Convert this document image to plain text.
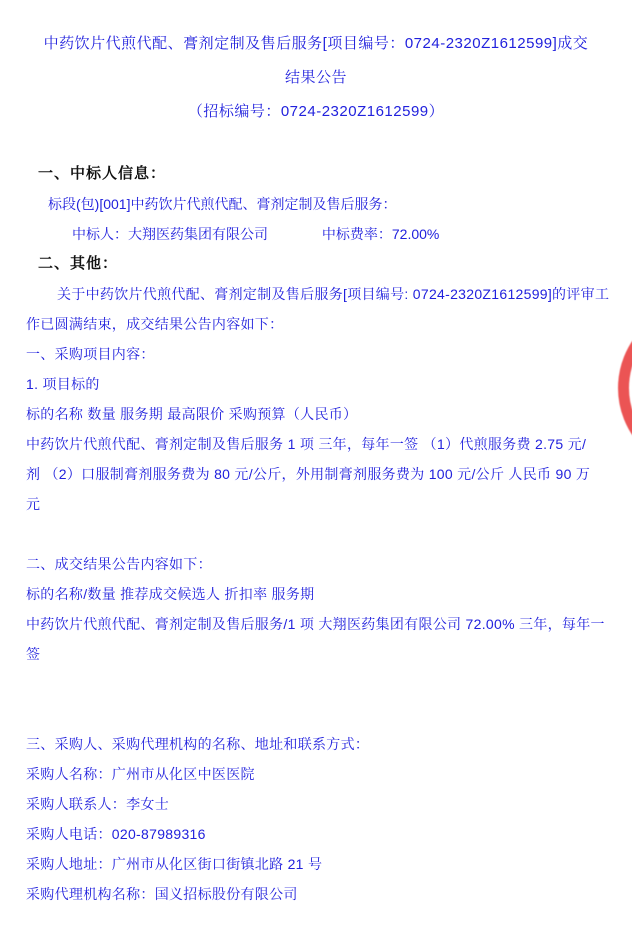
中药饮片代煎代配、膏剂定制及售后服务[项目编号：0724-2320Z1612599]成交
结果公告
（招标编号：0724-2320Z1612599）
一、中标人信息：
标段(包)[001]中药饮片代煎代配、膏剂定制及售后服务：
中标人：大翔医药集团有限公司	中标费率：72.00%
二、其他：
关于中药饮片代煎代配、膏剂定制及售后服务[项目编号: 0724-2320Z1612599]的评审工
作已圆满结束，成交结果公告内容如下：
一、采购项目内容：
1. 项目标的
标的名称 数量 服务期 最高限价 采购预算（人民币）
中药饮片代煎代配、膏剂定制及售后服务 1 项 三年，每年一签 （1）代煎服务费 2.75 元/
剂 （2）口服制膏剂服务费为 80 元/公斤，外用制膏剂服务费为 100 元/公斤 人民币 90 万
元
二、成交结果公告内容如下：
标的名称/数量 推荐成交候选人 折扣率 服务期
中药饮片代煎代配、膏剂定制及售后服务/1 项 大翔医药集团有限公司 72.00% 三年，每年一
签
三、采购人、采购代理机构的名称、地址和联系方式：
采购人名称：广州市从化区中医医院
采购人联系人：李女士
采购人电话：020-87989316
采购人地址：广州市从化区街口街镇北路 21 号
采购代理机构名称：国义招标股份有限公司
